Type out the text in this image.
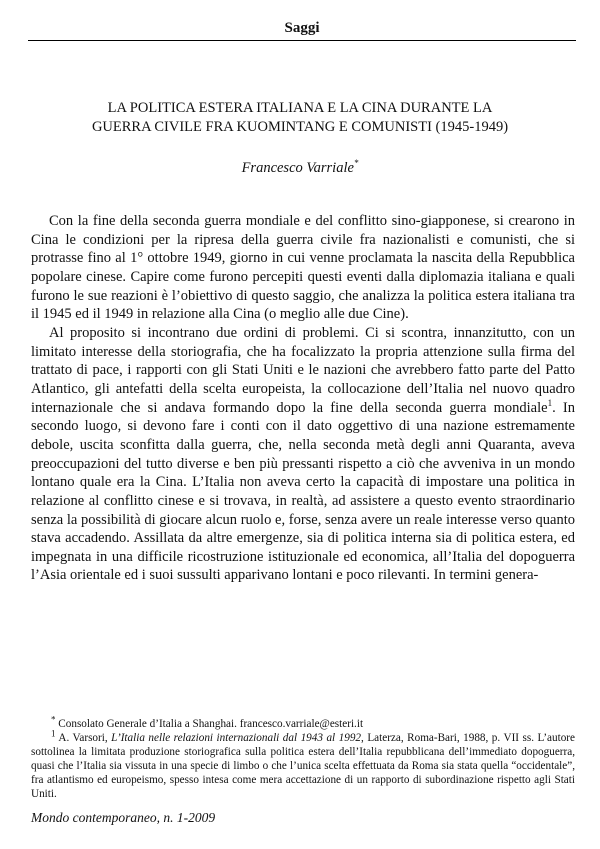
Saggi
LA POLITICA ESTERA ITALIANA E LA CINA DURANTE LA
GUERRA CIVILE FRA KUOMINTANG E COMUNISTI (1945-1949)
Francesco Varriale*

Con la fine della seconda guerra mondiale e del conflitto sino-giapponese, si crearono in Cina le condizioni per la ripresa della guerra civile fra nazionalisti e comunisti, che si protrasse fino al 1° ottobre 1949, giorno in cui venne proclamata la nascita della Repubblica popolare cinese. Capire come furono percepiti questi eventi dalla diplomazia italiana e quali furono le sue reazioni è l’obiettivo di questo saggio, che analizza la politica estera italiana tra il 1945 ed il 1949 in relazione alla Cina (o meglio alle due Cine).

Al proposito si incontrano due ordini di problemi. Ci si scontra, innanzitutto, con un limitato interesse della storiografia, che ha focalizzato la propria attenzione sulla firma del trattato di pace, i rapporti con gli Stati Uniti e le nazioni che avrebbero fatto parte del Patto Atlantico, gli antefatti della scelta europeista, la collocazione dell’Italia nel nuovo quadro internazionale che si andava formando dopo la fine della seconda guerra mondiale$^1$. In secondo luogo, si devono fare i conti con il dato oggettivo di una nazione estremamente debole, uscita sconfitta dalla guerra, che, nella seconda metà degli anni Quaranta, aveva preoccupazioni del tutto diverse e ben più pressanti rispetto a ciò che avveniva in un mondo lontano quale era la Cina. L’Italia non aveva certo la capacità di impostare una politica in relazione al conflitto cinese e si trovava, in realtà, ad assistere a questo evento straordinario senza la possibilità di giocare alcun ruolo e, forse, senza avere un reale interesse verso quanto stava accadendo. Assillata da altre emergenze, sia di politica interna sia di politica estera, ed impegnata in una difficile ricostruzione istituzionale ed economica, all’Italia del dopoguerra l’Asia orientale ed i suoi sussulti apparivano lontani e poco rilevanti. In termini genera-

* Consolato Generale d’Italia a Shanghai. francesco.varriale@esteri.it

$^1$ A. Varsori, L’Italia nelle relazioni internazionali dal 1943 al 1992, Laterza, Roma-Bari, 1988, p. VII ss. L’autore sottolinea la limitata produzione storiografica sulla politica estera dell’Italia repubblicana dell’immediato dopoguerra, quasi che l’Italia sia vissuta in una specie di limbo o che l’unica scelta effettuata da Roma sia stata quella “occidentale”, fra atlantismo ed europeismo, spesso intesa come mera accettazione di un rapporto di subordinazione rispetto agli Stati Uniti.

Mondo contemporaneo, n. 1-2009
